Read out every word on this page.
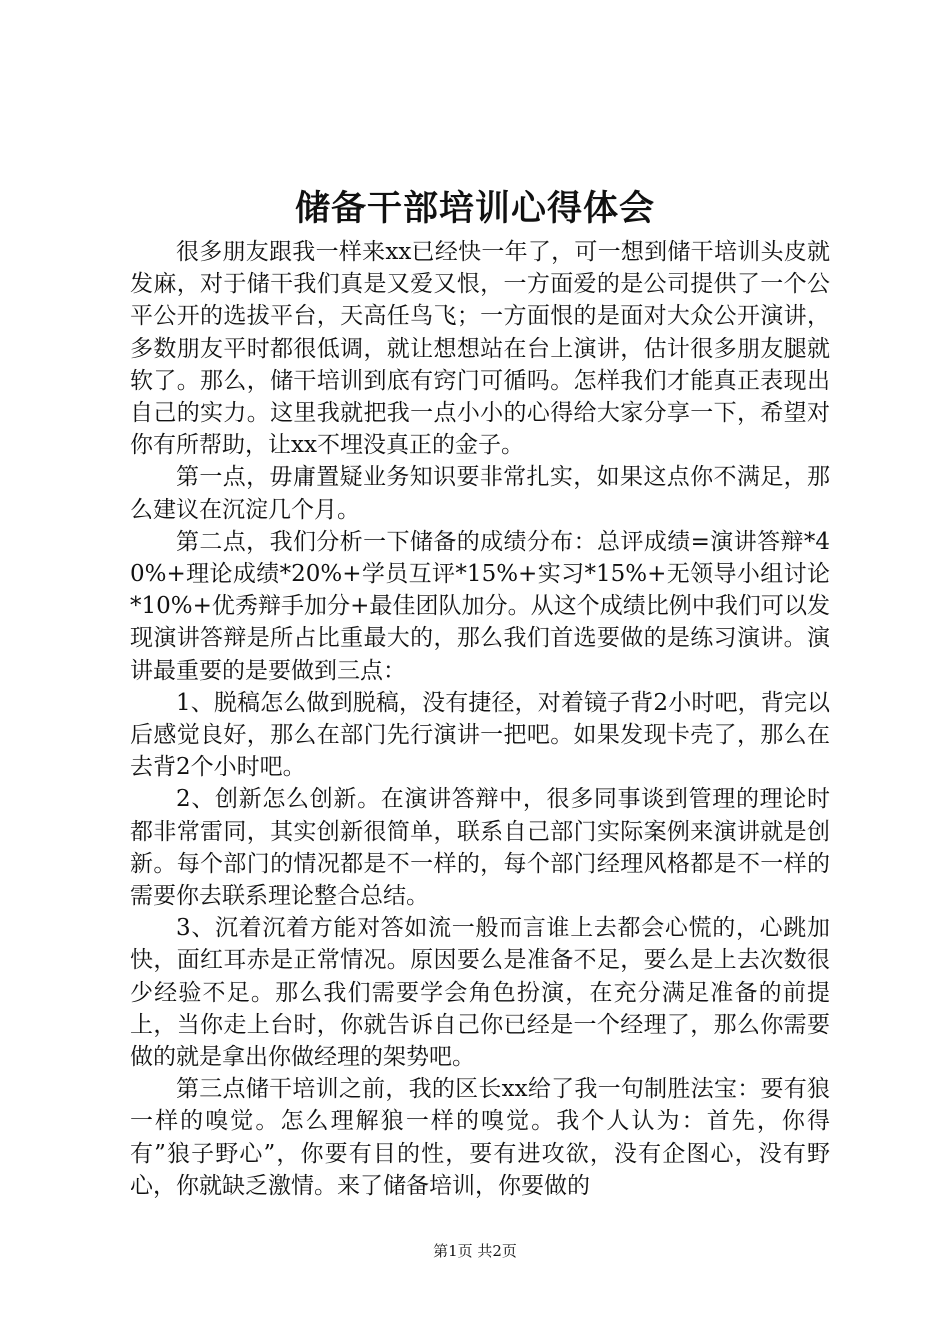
储备干部培训心得体会

很多朋友跟我一样来xx已经快一年了，可一想到储干培训头皮就发麻，对于储干我们真是又爱又恨，一方面爱的是公司提供了一个公平公开的选拔平台，天高任鸟飞；一方面恨的是面对大众公开演讲，多数朋友平时都很低调，就让想想站在台上演讲，估计很多朋友腿就软了。那么，储干培训到底有窍门可循吗。怎样我们才能真正表现出自己的实力。这里我就把我一点小小的心得给大家分享一下，希望对你有所帮助，让xx不埋没真正的金子。

第一点，毋庸置疑业务知识要非常扎实，如果这点你不满足，那么建议在沉淀几个月。

第二点，我们分析一下储备的成绩分布：总评成绩=演讲答辩*40%+理论成绩*20%+学员互评*15%+实习*15%+无领导小组讨论*10%+优秀辩手加分+最佳团队加分。从这个成绩比例中我们可以发现演讲答辩是所占比重最大的，那么我们首选要做的是练习演讲。演讲最重要的是要做到三点：

1、脱稿怎么做到脱稿，没有捷径，对着镜子背2小时吧，背完以后感觉良好，那么在部门先行演讲一把吧。如果发现卡壳了，那么在去背2个小时吧。

2、创新怎么创新。在演讲答辩中，很多同事谈到管理的理论时都非常雷同，其实创新很简单，联系自己部门实际案例来演讲就是创新。每个部门的情况都是不一样的，每个部门经理风格都是不一样的需要你去联系理论整合总结。

3、沉着沉着方能对答如流一般而言谁上去都会心慌的，心跳加快，面红耳赤是正常情况。原因要么是准备不足，要么是上去次数很少经验不足。那么我们需要学会角色扮演，在充分满足准备的前提上，当你走上台时，你就告诉自己你已经是一个经理了，那么你需要做的就是拿出你做经理的架势吧。

第三点储干培训之前，我的区长xx给了我一句制胜法宝：要有狼一样的嗅觉。怎么理解狼一样的嗅觉。我个人认为：首先，你得有”狼子野心”，你要有目的性，要有进攻欲，没有企图心，没有野心，你就缺乏激情。来了储备培训，你要做的

第1页 共2页
